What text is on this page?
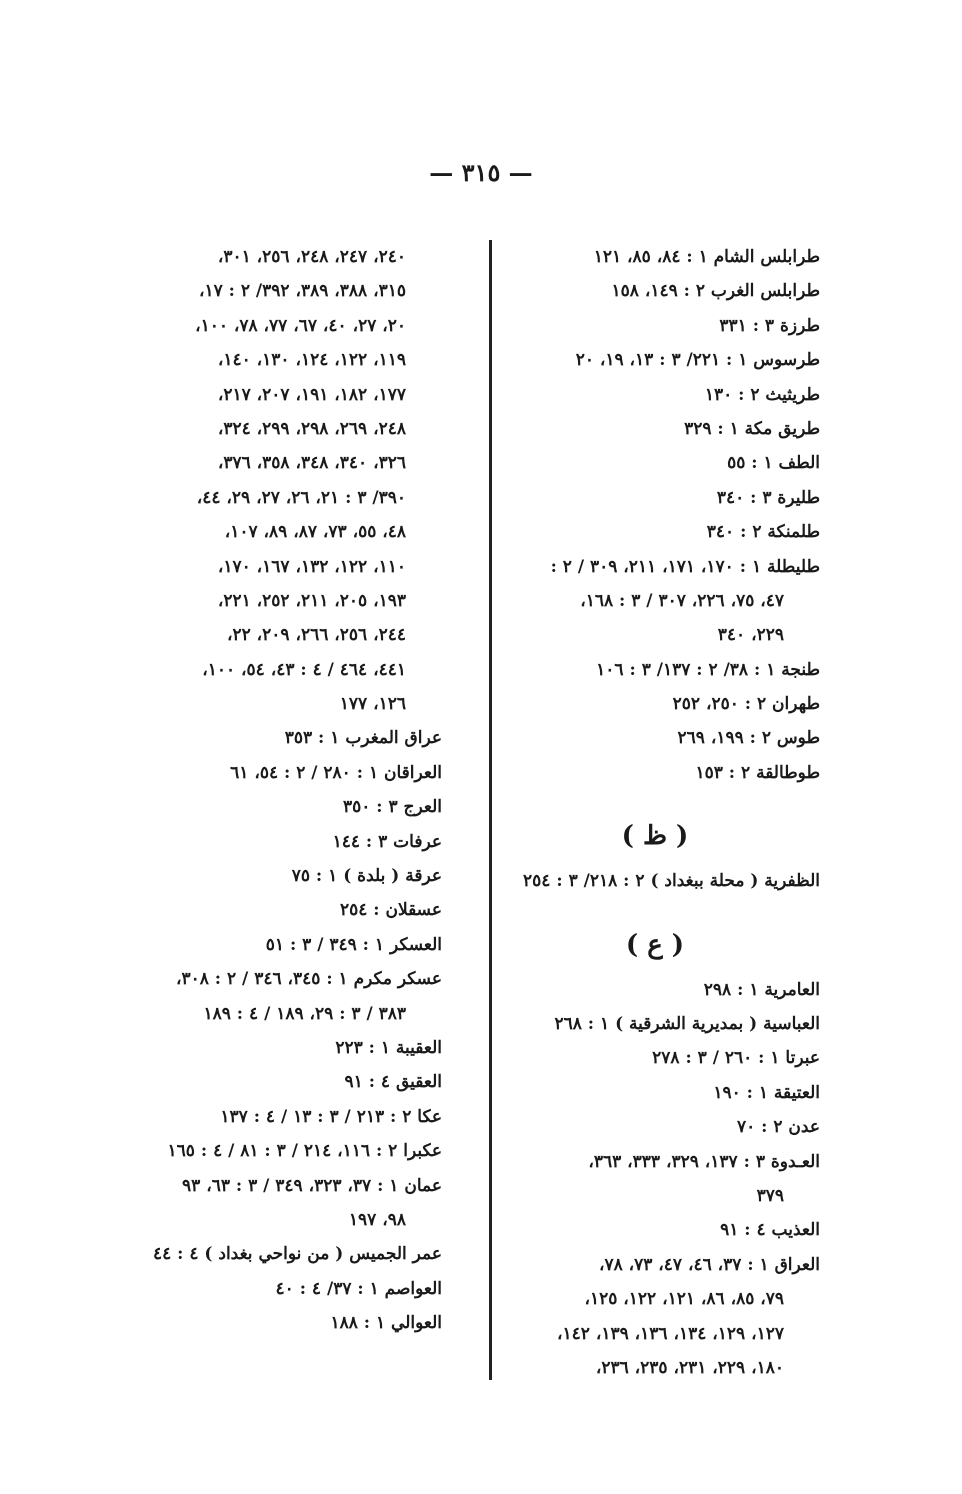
— ٣١٥ —
طرابلس الشام ١ : ٨٤، ٨٥، ١٢١
طرابلس الغرب ٢ : ١٤٩، ١٥٨
طرزة ٣ : ٣٣١
طرسوس ١ : ٢٢١/ ٣ : ١٣، ١٩، ٢٠
طريثيث ٢ : ١٣٠
طريق مكة ١ : ٣٢٩
الطف ١ : ٥٥
طليرة ٣ : ٣٤٠
طلمنكة ٢ : ٣٤٠
طليطلة ١ : ١٧٠، ١٧١، ٢١١، ٣٠٩ / ٢ :
٤٧، ٧٥، ٢٢٦، ٣٠٧ / ٣ : ١٦٨،
٢٢٩، ٣٤٠
طنجة ١ : ٣٨/ ٢ : ١٣٧/ ٣ : ١٠٦
طهران ٢ : ٢٥٠، ٢٥٢
طوس ٢ : ١٩٩، ٢٦٩
طوطالقة ٢ : ١٥٣
( ظ )
الظفرية ( محلة ببغداد ) ٢ : ٢١٨/ ٣ : ٢٥٤
( ع )
العامرية ١ : ٢٩٨
العباسية ( بمديرية الشرقية ) ١ : ٢٦٨
عبرتا ١ : ٢٦٠ / ٣ : ٢٧٨
العتيقة ١ : ١٩٠
عدن ٢ : ٧٠
العـدوة ٣ : ١٣٧، ٣٢٩، ٣٣٣، ٣٦٣،
٣٧٩
العذيب ٤ : ٩١
العراق ١ : ٣٧، ٤٦، ٤٧، ٧٣، ٧٨،
٧٩، ٨٥، ٨٦، ١٢١، ١٢٢، ١٢٥،
١٢٧، ١٢٩، ١٣٤، ١٣٦، ١٣٩، ١٤٢،
١٨٠، ٢٢٩، ٢٣١، ٢٣٥، ٢٣٦،
٢٤٠، ٢٤٧، ٢٤٨، ٢٥٦، ٣٠١،
٣١٥، ٣٨٨، ٣٨٩، ٣٩٢/ ٢ : ١٧،
٢٠، ٢٧، ٤٠، ٦٧، ٧٧، ٧٨، ١٠٠،
١١٩، ١٢٢، ١٢٤، ١٣٠، ١٤٠،
١٧٧، ١٨٢، ١٩١، ٢٠٧، ٢١٧،
٢٤٨، ٢٦٩، ٢٩٨، ٢٩٩، ٣٢٤،
٣٢٦، ٣٤٠، ٣٤٨، ٣٥٨، ٣٧٦،
٣٩٠/ ٣ : ٢١، ٢٦، ٢٧، ٢٩، ٤٤،
٤٨، ٥٥، ٧٣، ٨٧، ٨٩، ١٠٧،
١١٠، ١٢٢، ١٣٢، ١٦٧، ١٧٠،
١٩٣، ٢٠٥، ٢١١، ٢٥٢، ٢٢١،
٢٤٤، ٢٥٦، ٢٦٦، ٢٠٩، ٢٢،
٤٤١، ٤٦٤ / ٤ : ٤٣، ٥٤، ١٠٠،
١٢٦، ١٧٧
عراق المغرب ١ : ٣٥٣
العراقان ١ : ٢٨٠ / ٢ : ٥٤، ٦١
العرج ٣ : ٣٥٠
عرفات ٣ : ١٤٤
عرقة ( بلدة ) ١ : ٧٥
عسقلان : ٢٥٤
العسكر ١ : ٣٤٩ / ٣ : ٥١
عسكر مكرم ١ : ٣٤٥، ٣٤٦ / ٢ : ٣٠٨،
٣٨٣ / ٣ : ٢٩، ١٨٩ / ٤ : ١٨٩
العقيبة ١ : ٢٢٣
العقيق ٤ : ٩١
عكا ٢ : ٢١٣ / ٣ : ١٣ / ٤ : ١٣٧
عكبرا ٢ : ١١٦، ٢١٤ / ٣ : ٨١ / ٤ : ١٦٥
عمان ١ : ٣٧، ٣٢٣، ٣٤٩ / ٣ : ٦٣، ٩٣
٩٨، ١٩٧
عمر الجميس ( من نواحي بغداد ) ٤ : ٤٤
العواصم ١ : ٣٧/ ٤ : ٤٠
العوالي ١ : ١٨٨
